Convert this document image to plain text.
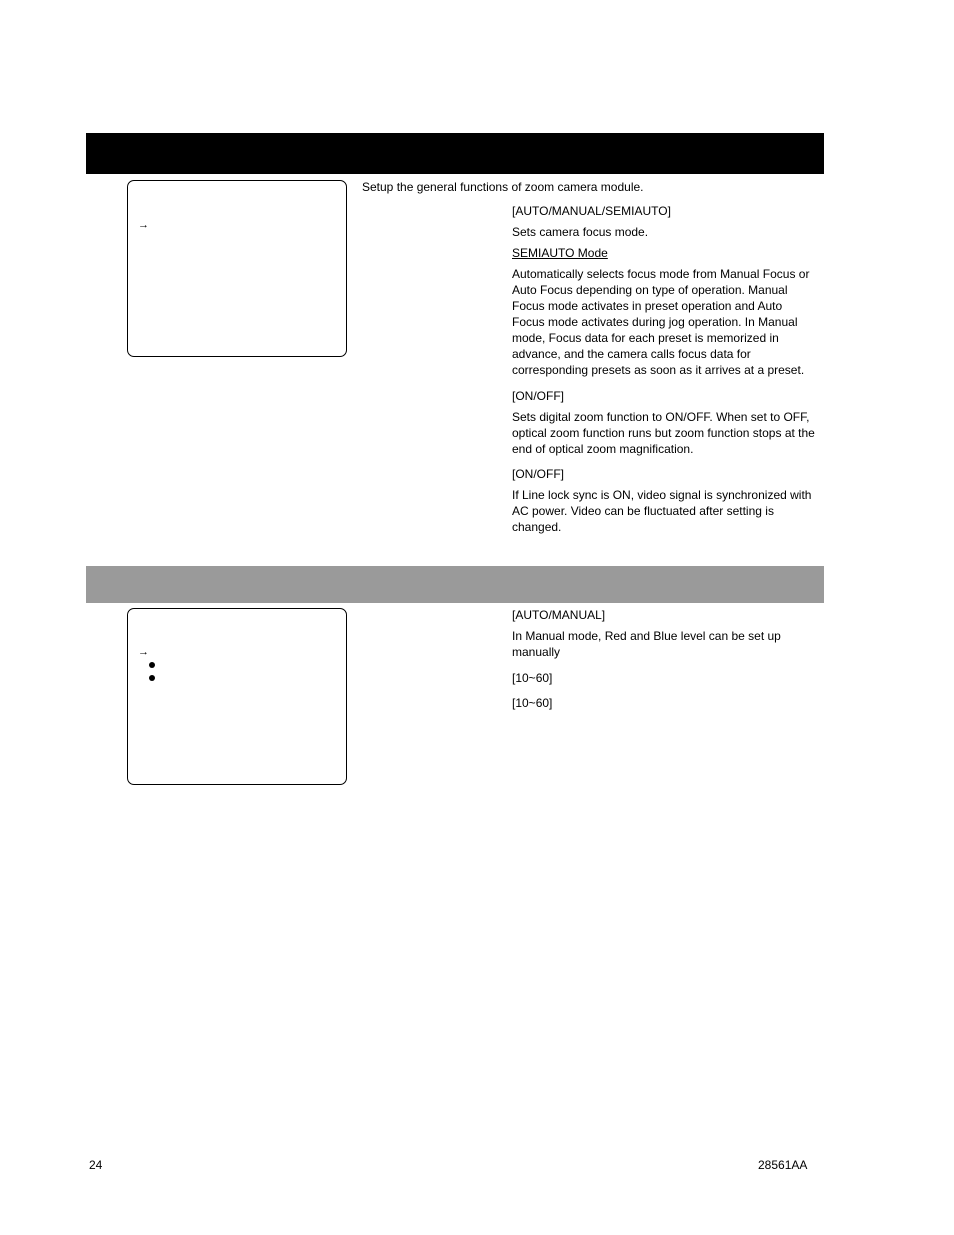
→
Setup the general functions of zoom camera module.

[AUTO/MANUAL/SEMIAUTO]

Sets camera focus mode.

SEMIAUTO Mode

Automatically selects focus mode from Manual Focus or Auto Focus depending on type of operation. Manual Focus mode activates in preset operation and Auto Focus mode activates during jog operation. In Manual mode, Focus data for each preset is memorized in advance, and the camera calls focus data for corresponding presets as soon as it arrives at a preset.

[ON/OFF]

Sets digital zoom function to ON/OFF. When set to OFF, optical zoom function runs but zoom function stops at the end of optical zoom magnification.

[ON/OFF]

If Line lock sync is ON, video signal is synchronized with AC power. Video can be fluctuated after setting is changed.

→

[AUTO/MANUAL]

In Manual mode, Red and Blue level can be set up manually

[10~60]

[10~60]

24	28561AA
